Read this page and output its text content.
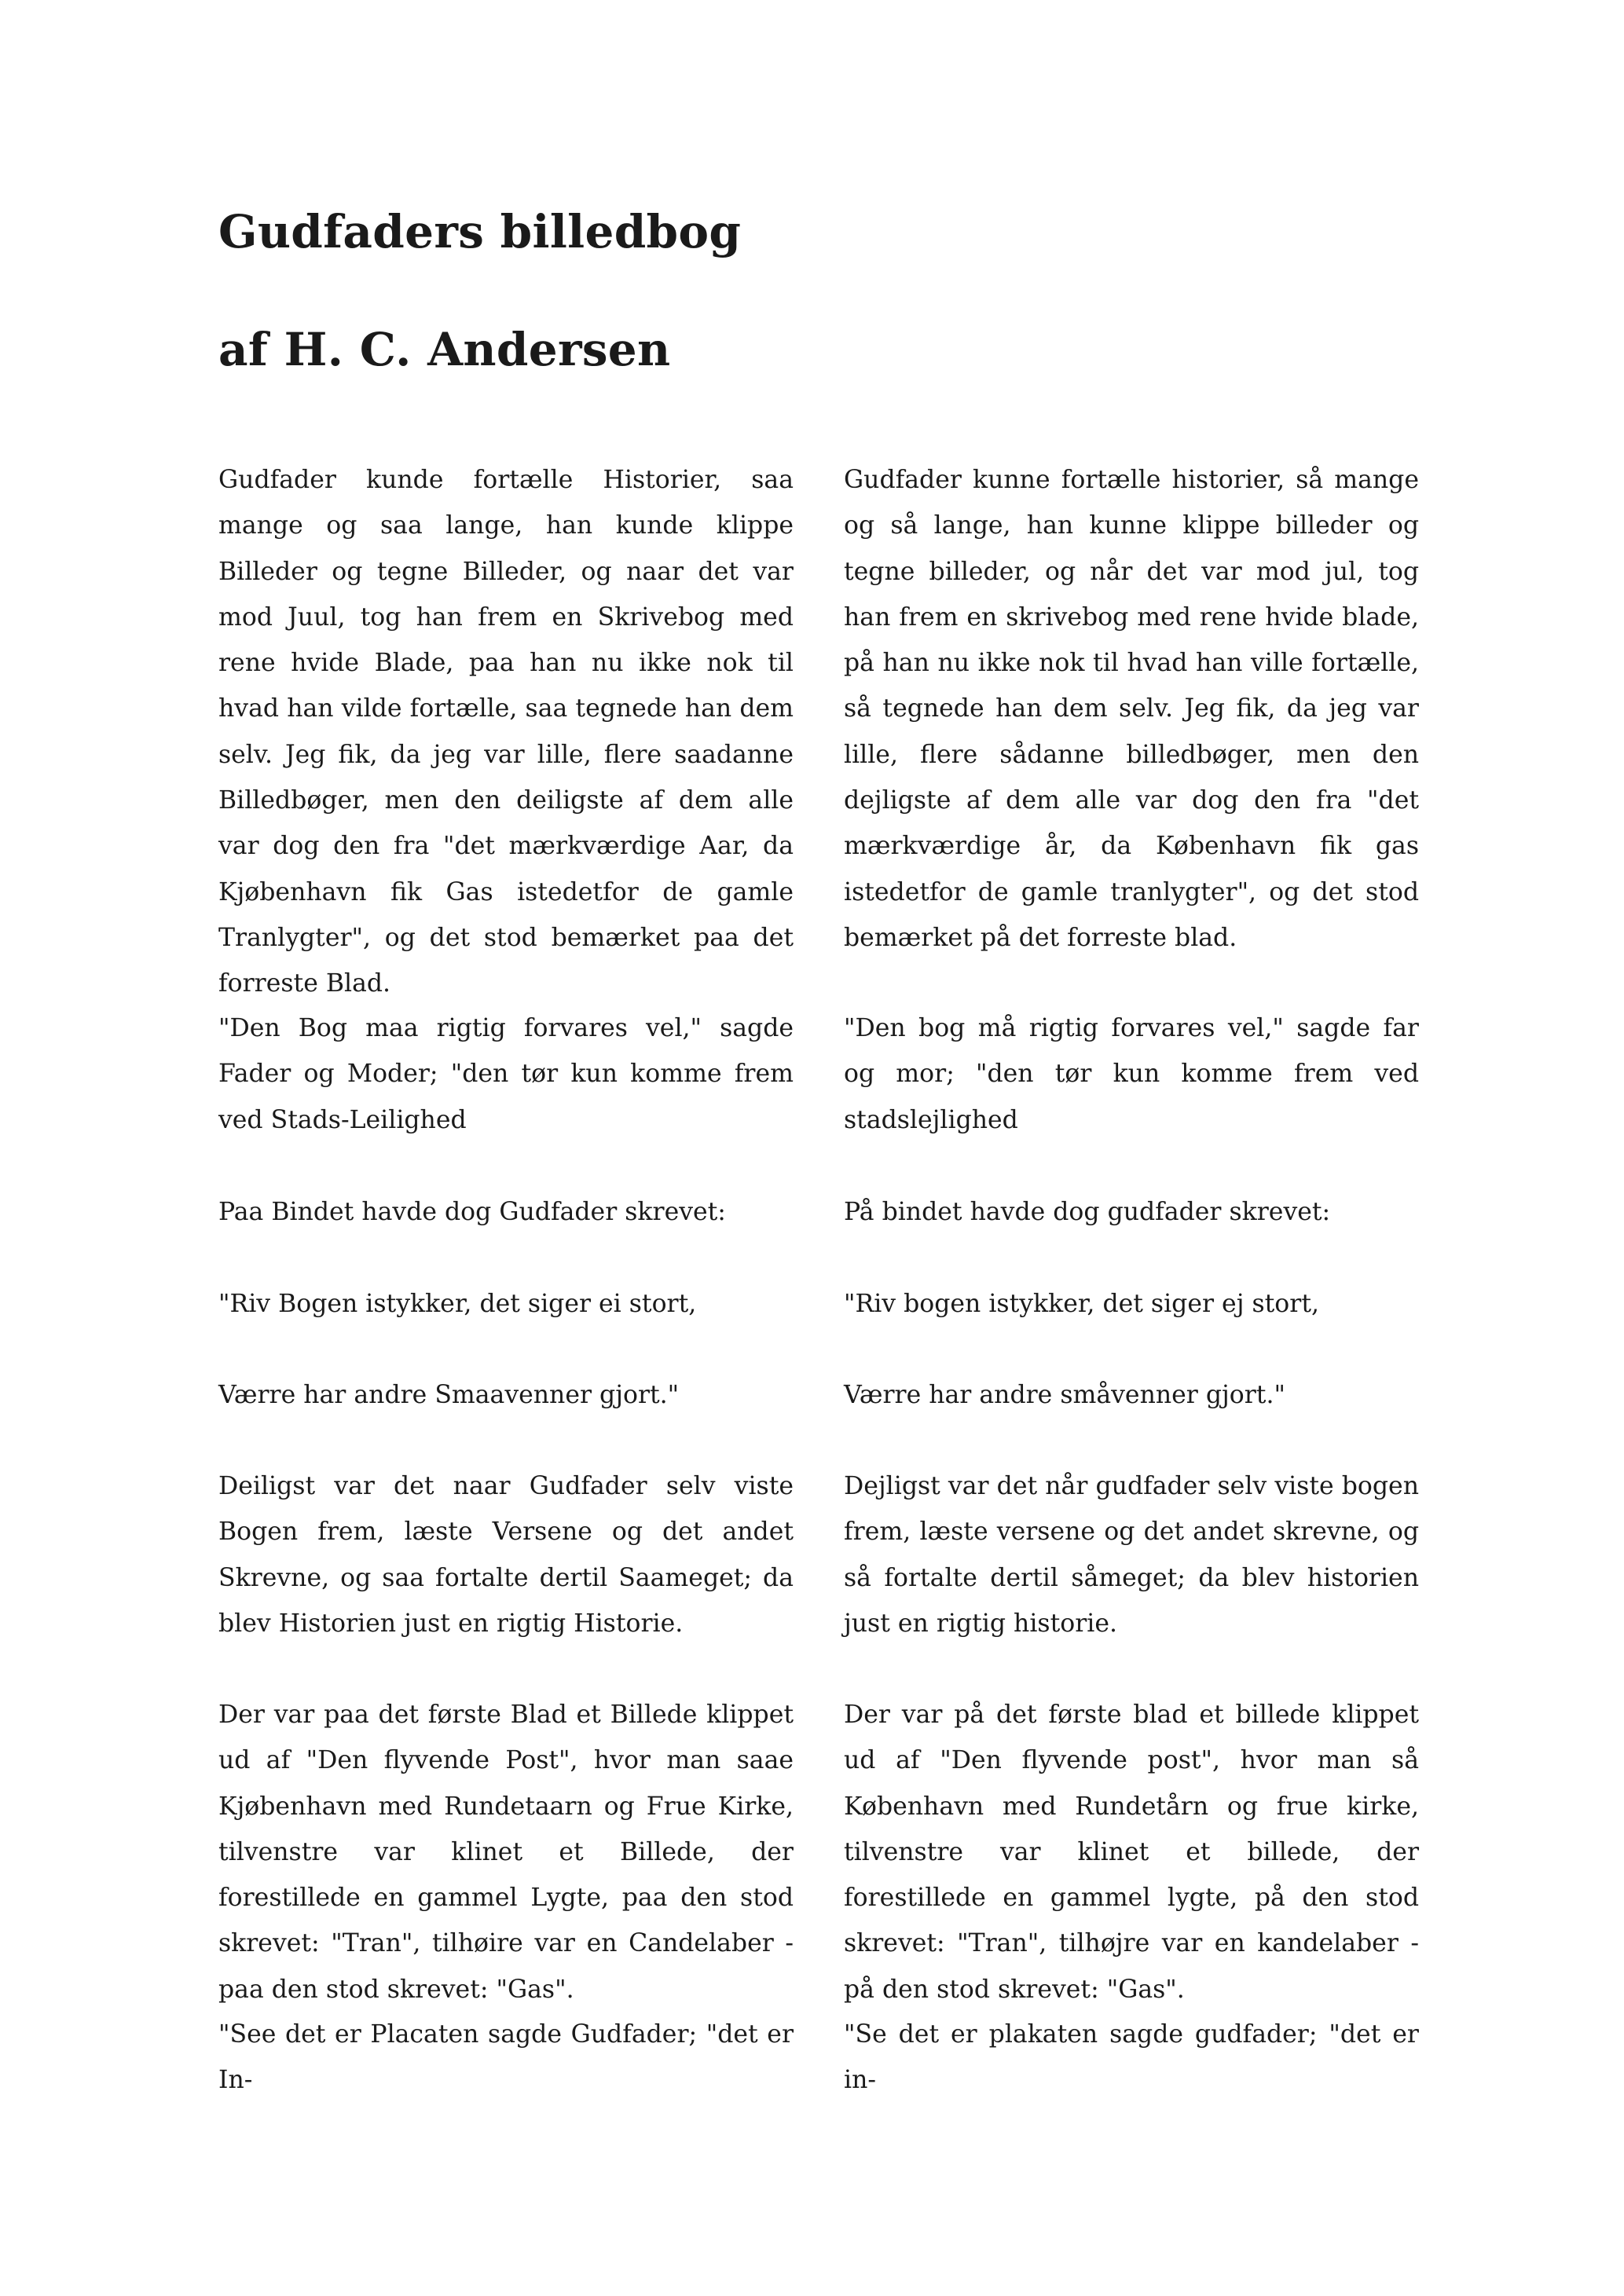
Gudfaders billedbog
af H. C. Andersen

Gudfader kunde fortælle Historier, saa mange og saa lange, han kunde klippe Billeder og tegne Billeder, og naar det var mod Juul, tog han frem en Skrivebog med rene hvide Blade, paa han nu ikke nok til hvad han vilde fortælle, saa tegnede han dem selv. Jeg fik, da jeg var lille, flere saadanne Billedbøger, men den deiligste af dem alle var dog den fra "det mærkværdige Aar, da Kjøbenhavn fik Gas istedetfor de gamle Tranlygter", og det stod bemærket paa det forreste Blad.

"Den Bog maa rigtig forvares vel," sagde Fader og Moder; "den tør kun komme frem ved Stads-Leilighed

Paa Bindet havde dog Gudfader skrevet:

"Riv Bogen istykker, det siger ei stort,

Værre har andre Smaavenner gjort."

Deiligst var det naar Gudfader selv viste Bogen frem, læste Versene og det andet Skrevne, og saa fortalte dertil Saameget; da blev Historien just en rigtig Historie.

Der var paa det første Blad et Billede klippet ud af "Den flyvende Post", hvor man saae Kjøbenhavn med Rundetaarn og Frue Kirke, tilvenstre var klinet et Billede, der forestillede en gammel Lygte, paa den stod skrevet: "Tran", tilhøire var en Candelaber - paa den stod skrevet: "Gas".

"See det er Placaten sagde Gudfader; "det er In-

Gudfader kunne fortælle historier, så mange og så lange, han kunne klippe billeder og tegne billeder, og når det var mod jul, tog han frem en skrivebog med rene hvide blade, på han nu ikke nok til hvad han ville fortælle, så tegnede han dem selv. Jeg fik, da jeg var lille, flere sådanne billedbøger, men den dejligste af dem alle var dog den fra "det mærkværdige år, da København fik gas istedetfor de gamle tranlygter", og det stod bemærket på det forreste blad.

"Den bog må rigtig forvares vel," sagde far og mor; "den tør kun komme frem ved stadslejlighed

På bindet havde dog gudfader skrevet:

"Riv bogen istykker, det siger ej stort,

Værre har andre småvenner gjort."

Dejligst var det når gudfader selv viste bogen frem, læste versene og det andet skrevne, og så fortalte dertil såmeget; da blev historien just en rigtig historie.

Der var på det første blad et billede klippet ud af "Den flyvende post", hvor man så København med Rundetårn og frue kirke, tilvenstre var klinet et billede, der forestillede en gammel lygte, på den stod skrevet: "Tran", tilhøjre var en kandelaber - på den stod skrevet: "Gas".

"Se det er plakaten sagde gudfader; "det er in-
